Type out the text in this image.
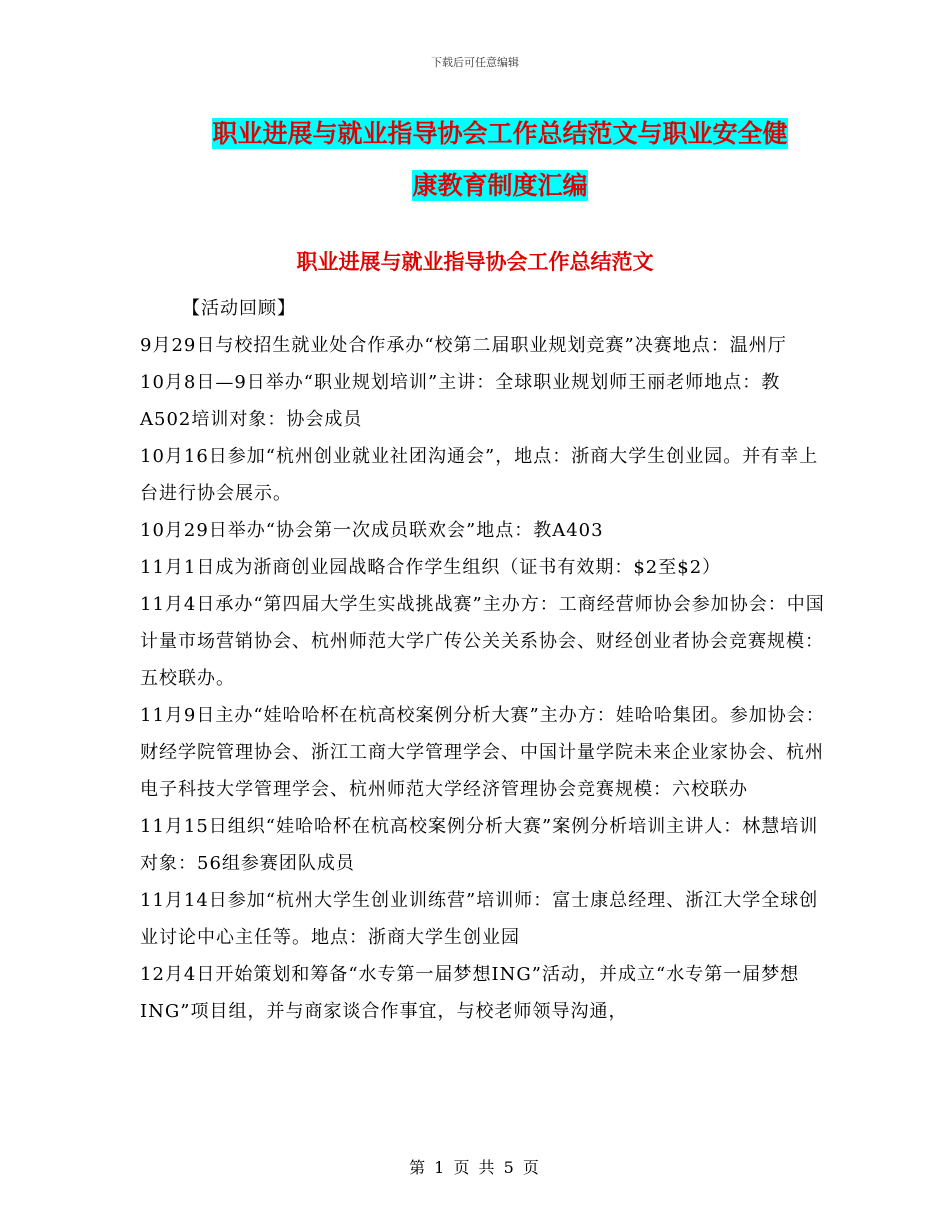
下载后可任意编辑
职业进展与就业指导协会工作总结范文与职业安全健
康教育制度汇编
职业进展与就业指导协会工作总结范文

【活动回顾】

9月29日与校招生就业处合作承办“校第二届职业规划竞赛”决赛地点：温州厅

10月8日—9日举办“职业规划培训”主讲：全球职业规划师王丽老师地点：教A502培训对象：协会成员

10月16日参加“杭州创业就业社团沟通会”，地点：浙商大学生创业园。并有幸上台进行协会展示。

10月29日举办“协会第一次成员联欢会”地点：教A403

11月1日成为浙商创业园战略合作学生组织（证书有效期：$2至$2）

11月4日承办“第四届大学生实战挑战赛”主办方：工商经营师协会参加协会：中国计量市场营销协会、杭州师范大学广传公关关系协会、财经创业者协会竞赛规模：五校联办。

11月9日主办“娃哈哈杯在杭高校案例分析大赛”主办方：娃哈哈集团。参加协会：财经学院管理协会、浙江工商大学管理学会、中国计量学院未来企业家协会、杭州电子科技大学管理学会、杭州师范大学经济管理协会竞赛规模：六校联办

11月15日组织“娃哈哈杯在杭高校案例分析大赛”案例分析培训主讲人：林慧培训对象：56组参赛团队成员

11月14日参加“杭州大学生创业训练营”培训师：富士康总经理、浙江大学全球创业讨论中心主任等。地点：浙商大学生创业园

12月4日开始策划和筹备“水专第一届梦想ING”活动，并成立“水专第一届梦想ING”项目组，并与商家谈合作事宜，与校老师领导沟通，

第 1 页 共 5 页
